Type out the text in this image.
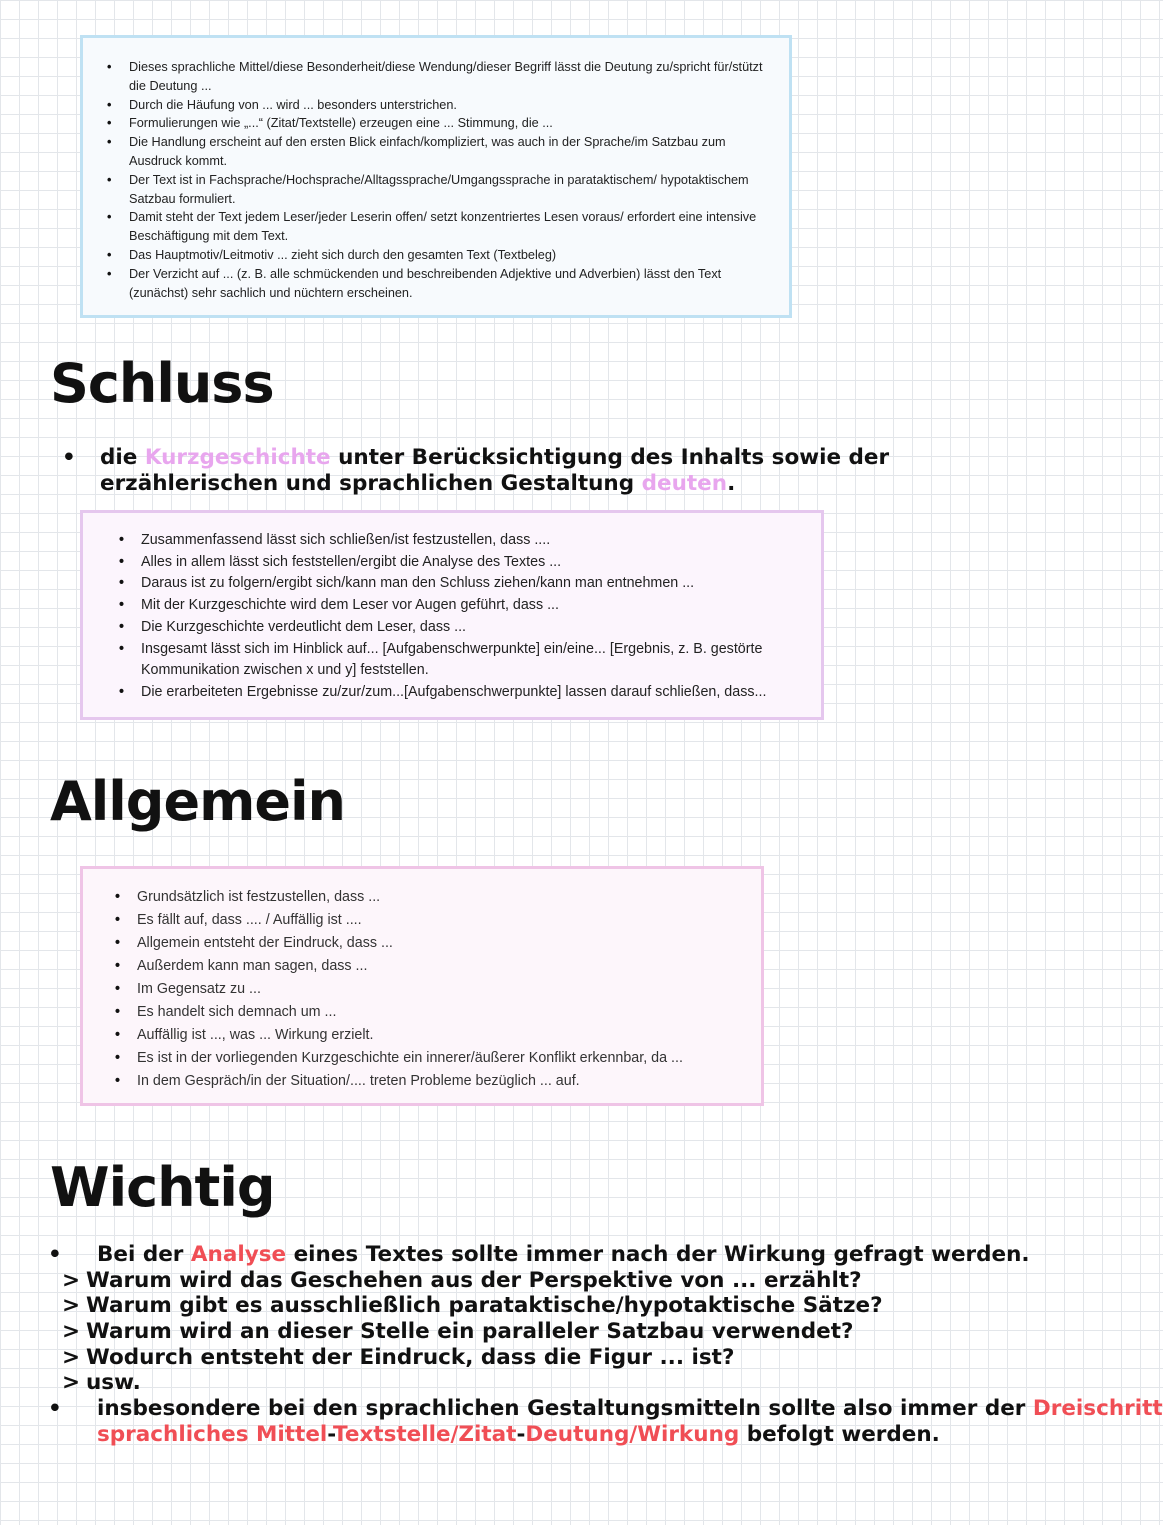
• Dieses sprachliche Mittel/diese Besonderheit/diese Wendung/dieser Begriff lässt die Deutung zu/spricht für/stützt die Deutung ...
• Durch die Häufung von ... wird ... besonders unterstrichen.
• Formulierungen wie „...“ (Zitat/Textstelle) erzeugen eine ... Stimmung, die ...
• Die Handlung erscheint auf den ersten Blick einfach/kompliziert, was auch in der Sprache/im Satzbau zum Ausdruck kommt.
• Der Text ist in Fachsprache/Hochsprache/Alltagssprache/Umgangssprache in parataktischem/ hypotaktischem Satzbau formuliert.
• Damit steht der Text jedem Leser/jeder Leserin offen/ setzt konzentriertes Lesen voraus/ erfordert eine intensive Beschäftigung mit dem Text.
• Das Hauptmotiv/Leitmotiv ... zieht sich durch den gesamten Text (Textbeleg)
• Der Verzicht auf ... (z. B. alle schmückenden und beschreibenden Adjektive und Adverbien) lässt den Text (zunächst) sehr sachlich und nüchtern erscheinen.
Schluss
• die Kurzgeschichte unter Berücksichtigung des Inhalts sowie der erzählerischen und sprachlichen Gestaltung deuten.
• Zusammenfassend lässt sich schließen/ist festzustellen, dass ....
• Alles in allem lässt sich feststellen/ergibt die Analyse des Textes ...
• Daraus ist zu folgern/ergibt sich/kann man den Schluss ziehen/kann man entnehmen ...
• Mit der Kurzgeschichte wird dem Leser vor Augen geführt, dass ...
• Die Kurzgeschichte verdeutlicht dem Leser, dass ...
• Insgesamt lässt sich im Hinblick auf... [Aufgabenschwerpunkte] ein/eine... [Ergebnis, z. B. gestörte Kommunikation zwischen x und y] feststellen.
• Die erarbeiteten Ergebnisse zu/zur/zum...[Aufgabenschwerpunkte] lassen darauf schließen, dass...
Allgemein
• Grundsätzlich ist festzustellen, dass ...
• Es fällt auf, dass .... / Auffällig ist ....
• Allgemein entsteht der Eindruck, dass ...
• Außerdem kann man sagen, dass ...
• Im Gegensatz zu ...
• Es handelt sich demnach um ...
• Auffällig ist ..., was ... Wirkung erzielt.
• Es ist in der vorliegenden Kurzgeschichte ein innerer/äußerer Konflikt erkennbar, da ...
• In dem Gespräch/in der Situation/.... treten Probleme bezüglich ... auf.
Wichtig
• Bei der Analyse eines Textes sollte immer nach der Wirkung gefragt werden.
> Warum wird das Geschehen aus der Perspektive von ... erzählt?
> Warum gibt es ausschließlich parataktische/hypotaktische Sätze?
> Warum wird an dieser Stelle ein paralleler Satzbau verwendet?
> Wodurch entsteht der Eindruck, dass die Figur ... ist?
> usw.
• insbesondere bei den sprachlichen Gestaltungsmitteln sollte also immer der Dreischritt
sprachliches Mittel-Textstelle/Zitat-Deutung/Wirkung befolgt werden.
